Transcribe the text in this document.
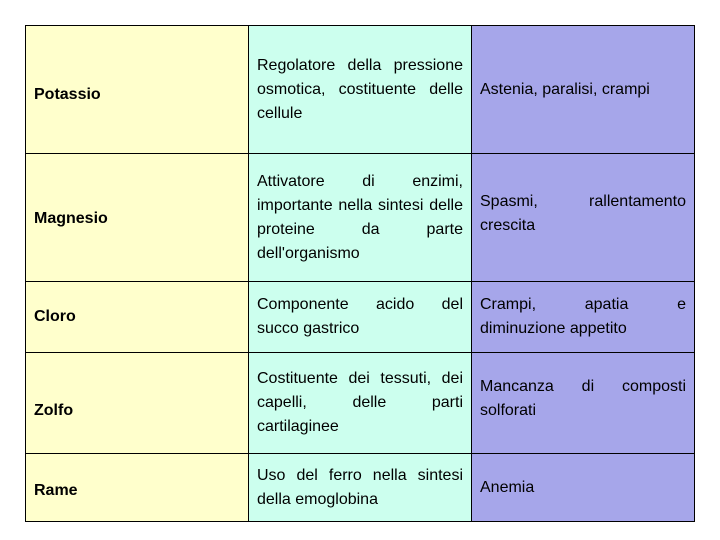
Potassio	Regolatore della pressione osmotica, costituente delle cellule	Astenia, paralisi, crampi

Magnesio	Attivatore di enzimi, importante nella sintesi delle proteine da parte dell'organismo	Spasmi, rallentamento crescita

Cloro	Componente acido del succo gastrico	Crampi, apatia e diminuzione appetito

Zolfo	Costituente dei tessuti, dei capelli, delle parti cartilaginee	Mancanza di composti solforati

Rame	Uso del ferro nella sintesi della emoglobina	Anemia
